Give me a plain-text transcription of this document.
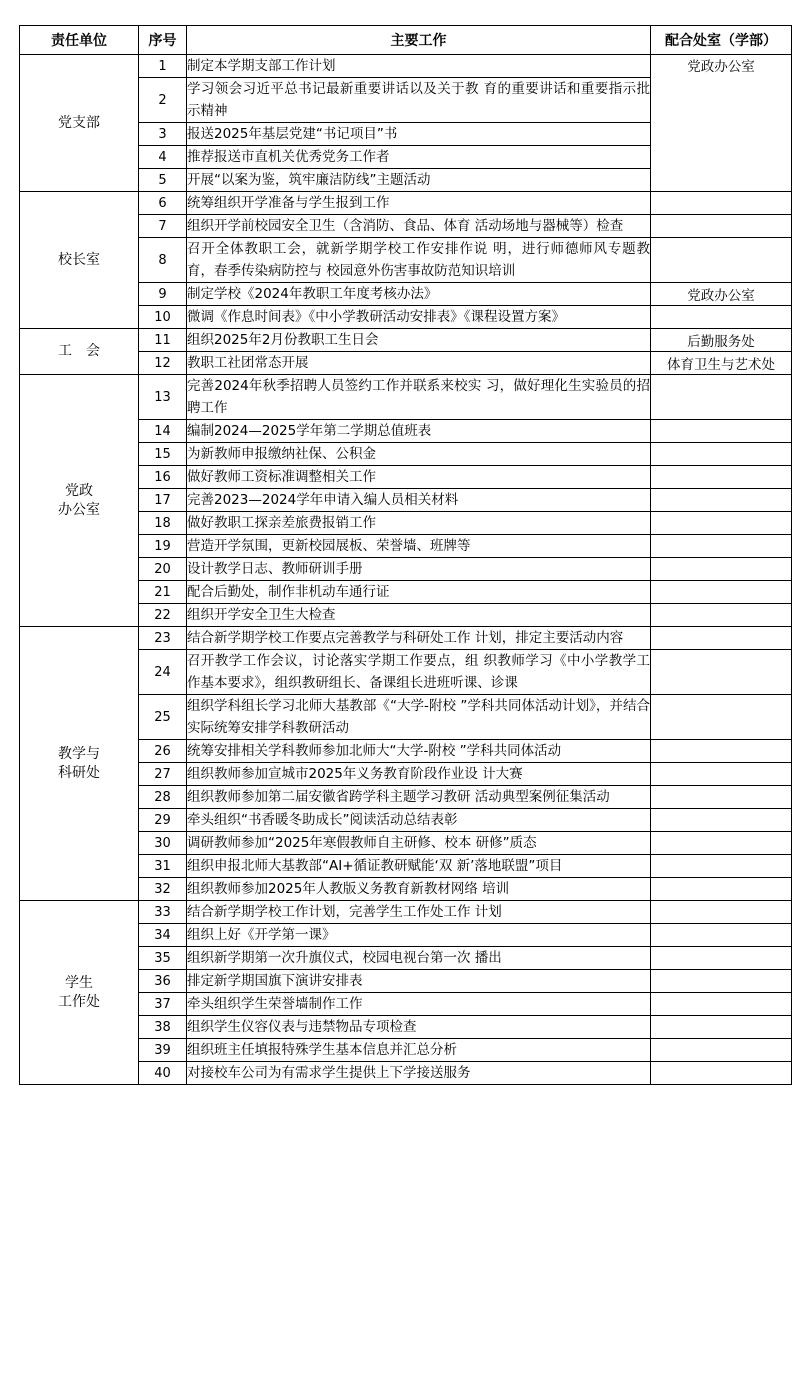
责任单位	序号	主要工作	配合处室（学部）

党支部	1	制定本学期支部工作计划	党政办公室
	2	学习领会习近平总书记最新重要讲话以及关于教 育的重要讲话和重要指示批示精神	
	3	报送2025年基层党建“书记项目”书	
	4	推荐报送市直机关优秀党务工作者	
	5	开展“以案为鉴，筑牢廉洁防线”主题活动	

校长室	6	统筹组织开学准备与学生报到工作	
	7	组织开学前校园安全卫生（含消防、食品、体育 活动场地与器械等）检查	
	8	召开全体教职工会，就新学期学校工作安排作说 明，进行师德师风专题教育，春季传染病防控与 校园意外伤害事故防范知识培训	
	9	制定学校《2024年教职工年度考核办法》	党政办公室
	10	微调《作息时间表》《中小学教研活动安排表》《课程设置方案》	

工　会	11	组织2025年2月份教职工生日会	后勤服务处
	12	教职工社团常态开展	体育卫生与艺术处

党政
办公室	13	完善2024年秋季招聘人员签约工作并联系来校实 习，做好理化生实验员的招聘工作	
	14	编制2024—2025学年第二学期总值班表	
	15	为新教师申报缴纳社保、公积金	
	16	做好教师工资标准调整相关工作	
	17	完善2023—2024学年申请入编人员相关材料	
	18	做好教职工探亲差旅费报销工作	
	19	营造开学氛围，更新校园展板、荣誉墙、班牌等	
	20	设计教学日志、教师研训手册	
	21	配合后勤处，制作非机动车通行证	
	22	组织开学安全卫生大检查	

教学与
科研处	23	结合新学期学校工作要点完善教学与科研处工作 计划，排定主要活动内容	
	24	召开教学工作会议，讨论落实学期工作要点，组 织教师学习《中小学教学工作基本要求》，组织教研组长、备课组长进班听课、诊课	
	25	组织学科组长学习北师大基教部《“大学-附校 ”学科共同体活动计划》，并结合实际统筹安排学科教研活动	
	26	统筹安排相关学科教师参加北师大“大学-附校 ”学科共同体活动	
	27	组织教师参加宣城市2025年义务教育阶段作业设 计大赛	
	28	组织教师参加第二届安徽省跨学科主题学习教研 活动典型案例征集活动	
	29	牵头组织“书香暖冬助成长”阅读活动总结表彰	
	30	调研教师参加“2025年寒假教师自主研修、校本 研修”质态	
	31	组织申报北师大基教部“AI+循证教研赋能‘双 新’落地联盟”项目	
	32	组织教师参加2025年人教版义务教育新教材网络 培训	

学生
工作处	33	结合新学期学校工作计划，完善学生工作处工作 计划	
	34	组织上好《开学第一课》	
	35	组织新学期第一次升旗仪式，校园电视台第一次 播出	
	36	排定新学期国旗下演讲安排表	
	37	牵头组织学生荣誉墙制作工作	
	38	组织学生仪容仪表与违禁物品专项检查	
	39	组织班主任填报特殊学生基本信息并汇总分析	
	40	对接校车公司为有需求学生提供上下学接送服务	
